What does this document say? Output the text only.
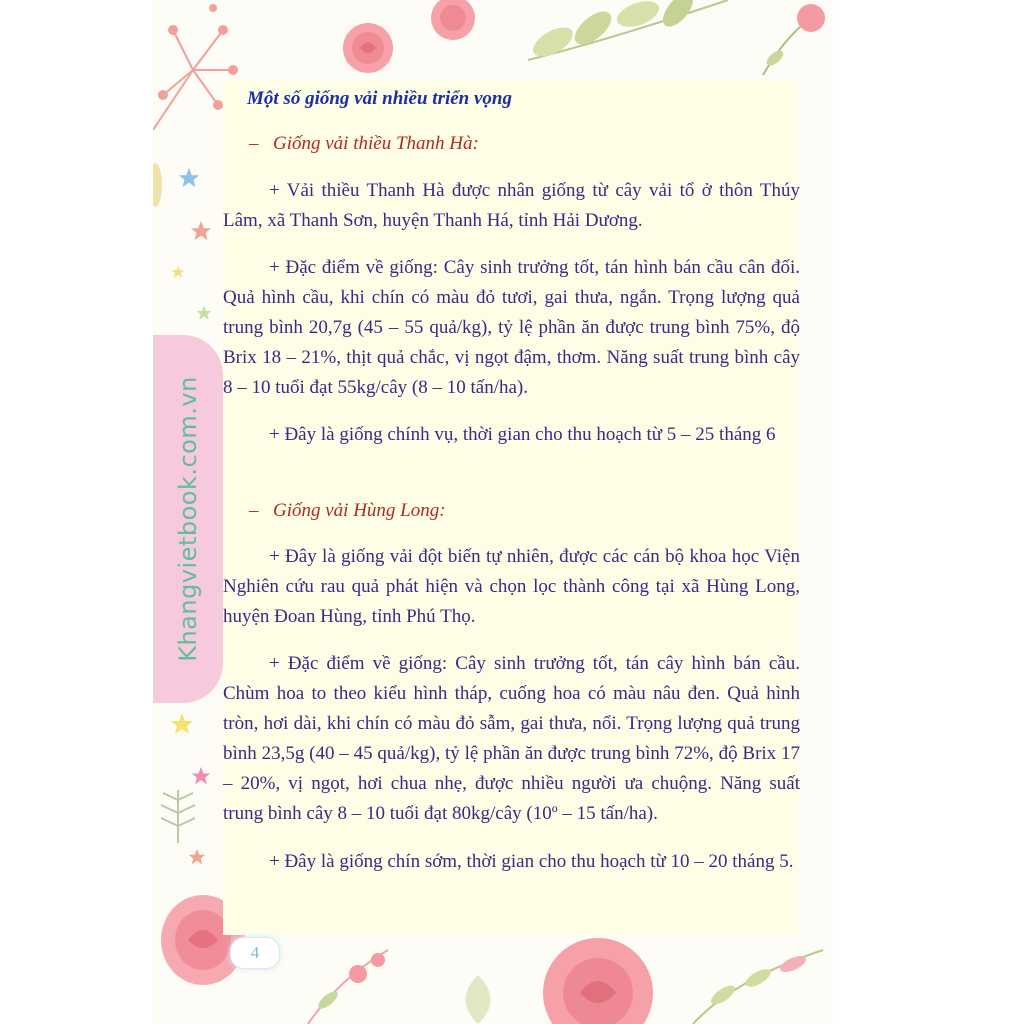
Khangvietbook.com.vn

Một số giống vải nhiều triển vọng

– Giống vải thiều Thanh Hà:

+ Vải thiều Thanh Hà được nhân giống từ cây vải tổ ở thôn Thúy Lâm, xã Thanh Sơn, huyện Thanh Há, tỉnh Hải Dương.

+ Đặc điểm về giống: Cây sinh trưởng tốt, tán hình bán cầu cân đối. Quả hình cầu, khi chín có màu đỏ tươi, gai thưa, ngắn. Trọng lượng quả trung bình 20,7g (45 – 55 quả/kg), tỷ lệ phần ăn được trung bình 75%, độ Brix 18 – 21%, thịt quả chắc, vị ngọt đậm, thơm. Năng suất trung bình cây 8 – 10 tuổi đạt 55kg/cây (8 – 10 tấn/ha).

+ Đây là giống chính vụ, thời gian cho thu hoạch từ 5 – 25 tháng 6

– Giống vải Hùng Long:

+ Đây là giống vải đột biến tự nhiên, được các cán bộ khoa học Viện Nghiên cứu rau quả phát hiện và chọn lọc thành công tại xã Hùng Long, huyện Đoan Hùng, tỉnh Phú Thọ.

+ Đặc điểm về giống: Cây sinh trưởng tốt, tán cây hình bán cầu. Chùm hoa to theo kiểu hình tháp, cuống hoa có màu nâu đen. Quả hình tròn, hơi dài, khi chín có màu đỏ sẫm, gai thưa, nổi. Trọng lượng quả trung bình 23,5g (40 – 45 quả/kg), tỷ lệ phần ăn được trung bình 72%, độ Brix 17 – 20%, vị ngọt, hơi chua nhẹ, được nhiều người ưa chuộng. Năng suất trung bình cây 8 – 10 tuổi đạt 80kg/cây (10º – 15 tấn/ha).

+ Đây là giống chín sớm, thời gian cho thu hoạch từ 10 – 20 tháng 5.

4
